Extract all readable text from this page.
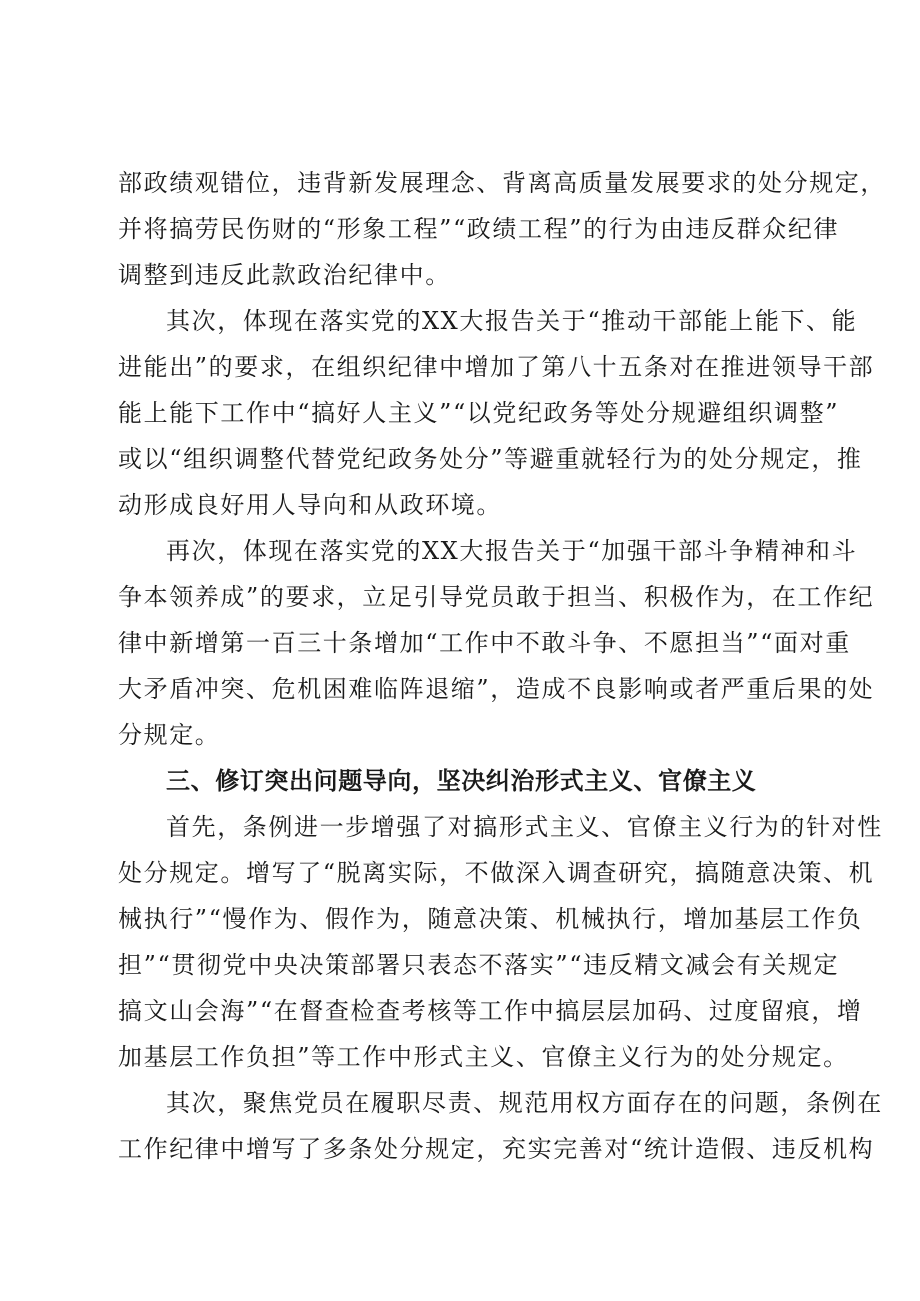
部政绩观错位，违背新发展理念、背离高质量发展要求的处分规定，
并将搞劳民伤财的“形象工程”“政绩工程”的行为由违反群众纪律
调整到违反此款政治纪律中。
其次，体现在落实党的XX大报告关于“推动干部能上能下、能
进能出”的要求，在组织纪律中增加了第八十五条对在推进领导干部
能上能下工作中“搞好人主义”“以党纪政务等处分规避组织调整”
或以“组织调整代替党纪政务处分”等避重就轻行为的处分规定，推
动形成良好用人导向和从政环境。
再次，体现在落实党的XX大报告关于“加强干部斗争精神和斗
争本领养成”的要求，立足引导党员敢于担当、积极作为，在工作纪
律中新增第一百三十条增加“工作中不敢斗争、不愿担当”“面对重
大矛盾冲突、危机困难临阵退缩”，造成不良影响或者严重后果的处
分规定。
三、修订突出问题导向，坚决纠治形式主义、官僚主义
首先，条例进一步增强了对搞形式主义、官僚主义行为的针对性
处分规定。增写了“脱离实际，不做深入调查研究，搞随意决策、机
械执行”“慢作为、假作为，随意决策、机械执行，增加基层工作负
担”“贯彻党中央决策部署只表态不落实”“违反精文减会有关规定
搞文山会海”“在督查检查考核等工作中搞层层加码、过度留痕，增
加基层工作负担”等工作中形式主义、官僚主义行为的处分规定。
其次，聚焦党员在履职尽责、规范用权方面存在的问题，条例在
工作纪律中增写了多条处分规定，充实完善对“统计造假、违反机构
